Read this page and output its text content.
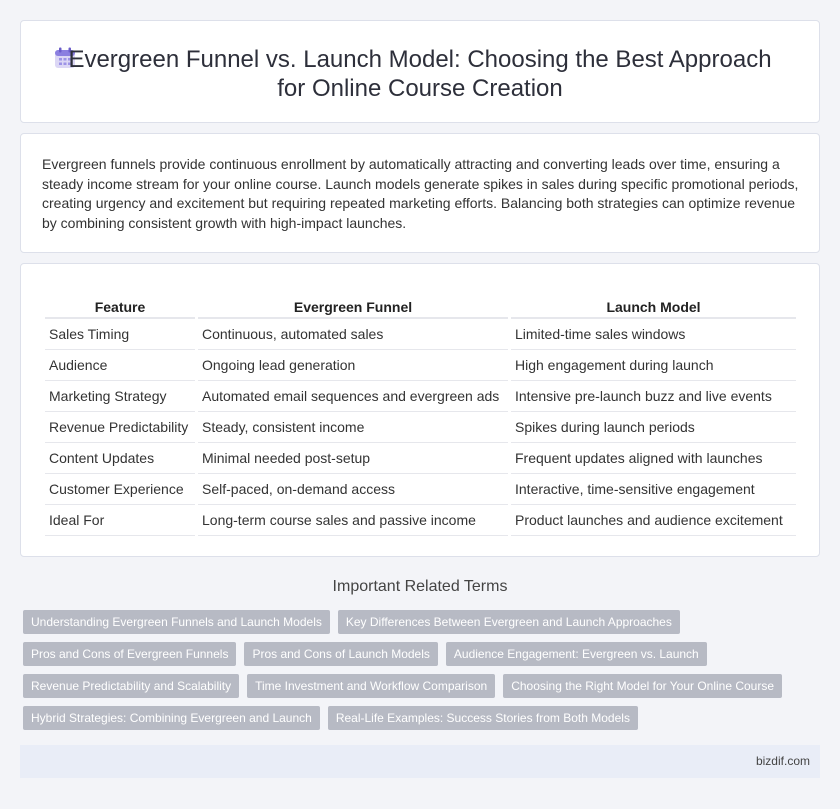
Evergreen Funnel vs. Launch Model: Choosing the Best Approach
for Online Course Creation

Evergreen funnels provide continuous enrollment by automatically attracting and converting leads over time, ensuring a steady income stream for your online course. Launch models generate spikes in sales during specific promotional periods, creating urgency and excitement but requiring repeated marketing efforts. Balancing both strategies can optimize revenue by combining consistent growth with high-impact launches.

Feature	Evergreen Funnel	Launch Model
Sales Timing	Continuous, automated sales	Limited-time sales windows
Audience	Ongoing lead generation	High engagement during launch
Marketing Strategy	Automated email sequences and evergreen ads	Intensive pre-launch buzz and live events
Revenue Predictability	Steady, consistent income	Spikes during launch periods
Content Updates	Minimal needed post-setup	Frequent updates aligned with launches
Customer Experience	Self-paced, on-demand access	Interactive, time-sensitive engagement
Ideal For	Long-term course sales and passive income	Product launches and audience excitement
Important Related Terms
Understanding Evergreen Funnels and Launch Models	Key Differences Between Evergreen and Launch Approaches
Pros and Cons of Evergreen Funnels	Pros and Cons of Launch Models	Audience Engagement: Evergreen vs. Launch
Revenue Predictability and Scalability	Time Investment and Workflow Comparison	Choosing the Right Model for Your Online Course
Hybrid Strategies: Combining Evergreen and Launch	Real-Life Examples: Success Stories from Both Models
bizdif.com
